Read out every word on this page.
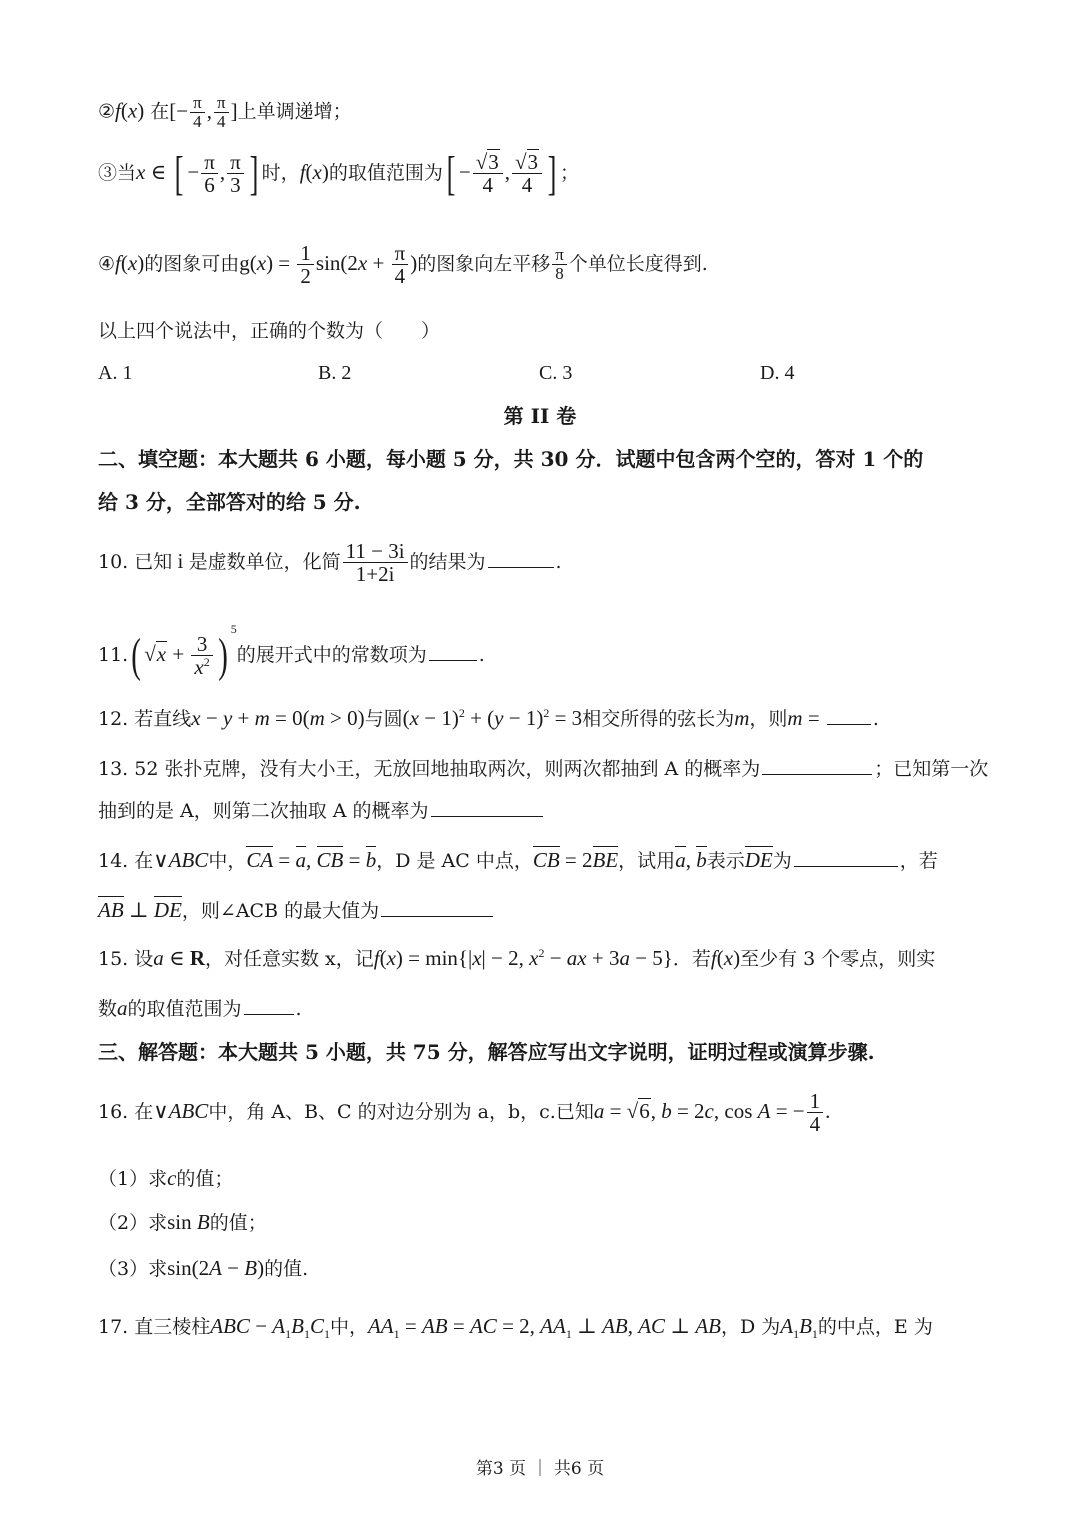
②f(x) 在[− $\frac{\pi}{4}$ , $\frac{\pi}{4}$ ]上单调递增；
③当x ∈ [ − $\frac{\pi}{6}$ , $\frac{\pi}{3}$ ] 时，f(x)的取值范围为[ − $\frac{√3}{4}$ , $\frac{√3}{4}$ ] ；
④f(x)的图象可由$g(x) = \frac{1}{2} \sin(2x + \frac{\pi}{4}$ )的图象向左平移 $\frac{\pi}{8}$ 个单位长度得到.
以上四个说法中，正确的个数为（　　）
A. 1	B. 2	C. 3	D. 4
第 II 卷
二、填空题：本大题共 6 小题，每小题 5 分，共 30 分．试题中包含两个空的，答对 1 个的
给 3 分，全部答对的给 5 分.
10. 已知 i 是虚数单位，化简 $\frac{11 - 3i}{1+2i}$ 的结果为	.
11.( $√x + \frac{3}{x^2} )^5$的展开式中的常数项为	.
12. 若直线x − y + m = 0(m > 0)与圆$(x - 1)^2 + (y - 1)^2 = 3$相交所得的弦长为m，则m =	.
13. 52 张扑克牌，没有大小王，无放回地抽取两次，则两次都抽到 A 的概率为	；已知第一次
抽到的是 A，则第二次抽取 A 的概率为
14. 在∨ABC中，CA = a, CB = b，D 是 AC 中点，CB = 2BE，试用a, b表示DE为	，若
AB ⊥ DE，则∠ACB 的最大值为
15. 设a ∈ R，对任意实数 x，记f(x) = min{|x| − 2, $x^2$ − ax + 3a − 5}．若f(x)至少有 3 个零点，则实
数a的取值范围为	.
三、解答题：本大题共 5 小题，共 75 分，解答应写出文字说明，证明过程或演算步骤.
16. 在∨ABC中，角 A、B、C 的对边分别为 a，b，c.已知a = √6, b = 2c, cos A = − $\frac{1}{4}$ .
（1）求c的值；
（2）求sin B的值；
（3）求sin(2A − B)的值.
17. 直三棱柱ABC − $A_1B_1C_1$中，$AA_1$ = AB = AC = 2, $AA_1$ ⊥ AB, AC ⊥ AB，D 为$A_1B_1$的中点，E 为
第3 页 ｜ 共6 页
